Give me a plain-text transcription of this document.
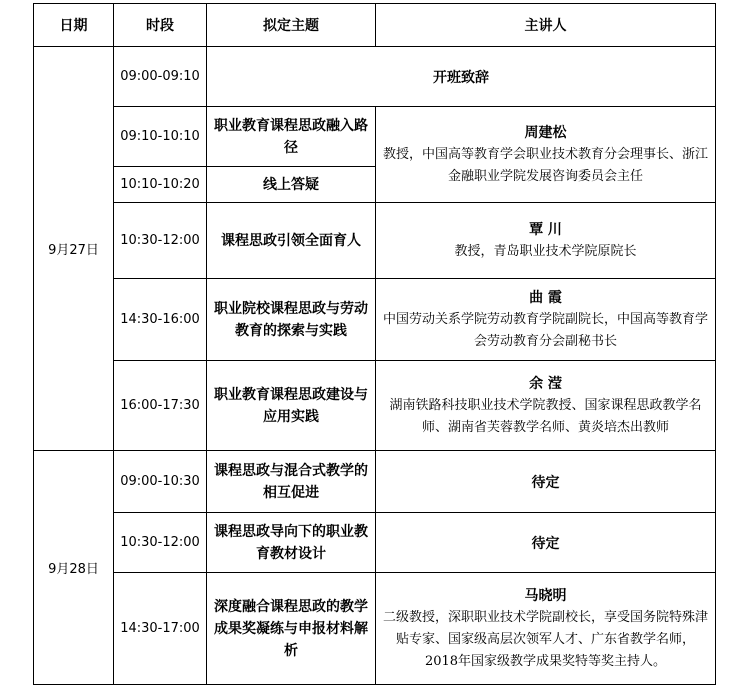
日期	时段	拟定主题	主讲人
9月27日	09:00-09:10	开班致辞	
	09:10-10:10	职业教育课程思政融入路径	周建松
教授，中国高等教育学会职业技术教育分会理事长、浙江金融职业学院发展咨询委员会主任

	10:10-10:20	线上答疑	
	10:30-12:00	课程思政引领全面育人	覃 川
教授，青岛职业技术学院原院长

	14:30-16:00	职业院校课程思政与劳动教育的探索与实践	曲 霞
中国劳动关系学院劳动教育学院副院长，中国高等教育学会劳动教育分会副秘书长

	16:00-17:30	职业教育课程思政建设与应用实践	余 滢
湖南铁路科技职业技术学院教授、国家课程思政教学名师、湖南省芙蓉教学名师、黄炎培杰出教师

9月28日	09:00-10:30	课程思政与混合式教学的相互促进	待定
	10:30-12:00	课程思政导向下的职业教育教材设计	待定
	14:30-17:00	深度融合课程思政的教学成果奖凝练与申报材料解析	马晓明
二级教授，深职职业技术学院副校长，享受国务院特殊津贴专家、国家级高层次领军人才、广东省教学名师，2018年国家级教学成果奖特等奖主持人。
